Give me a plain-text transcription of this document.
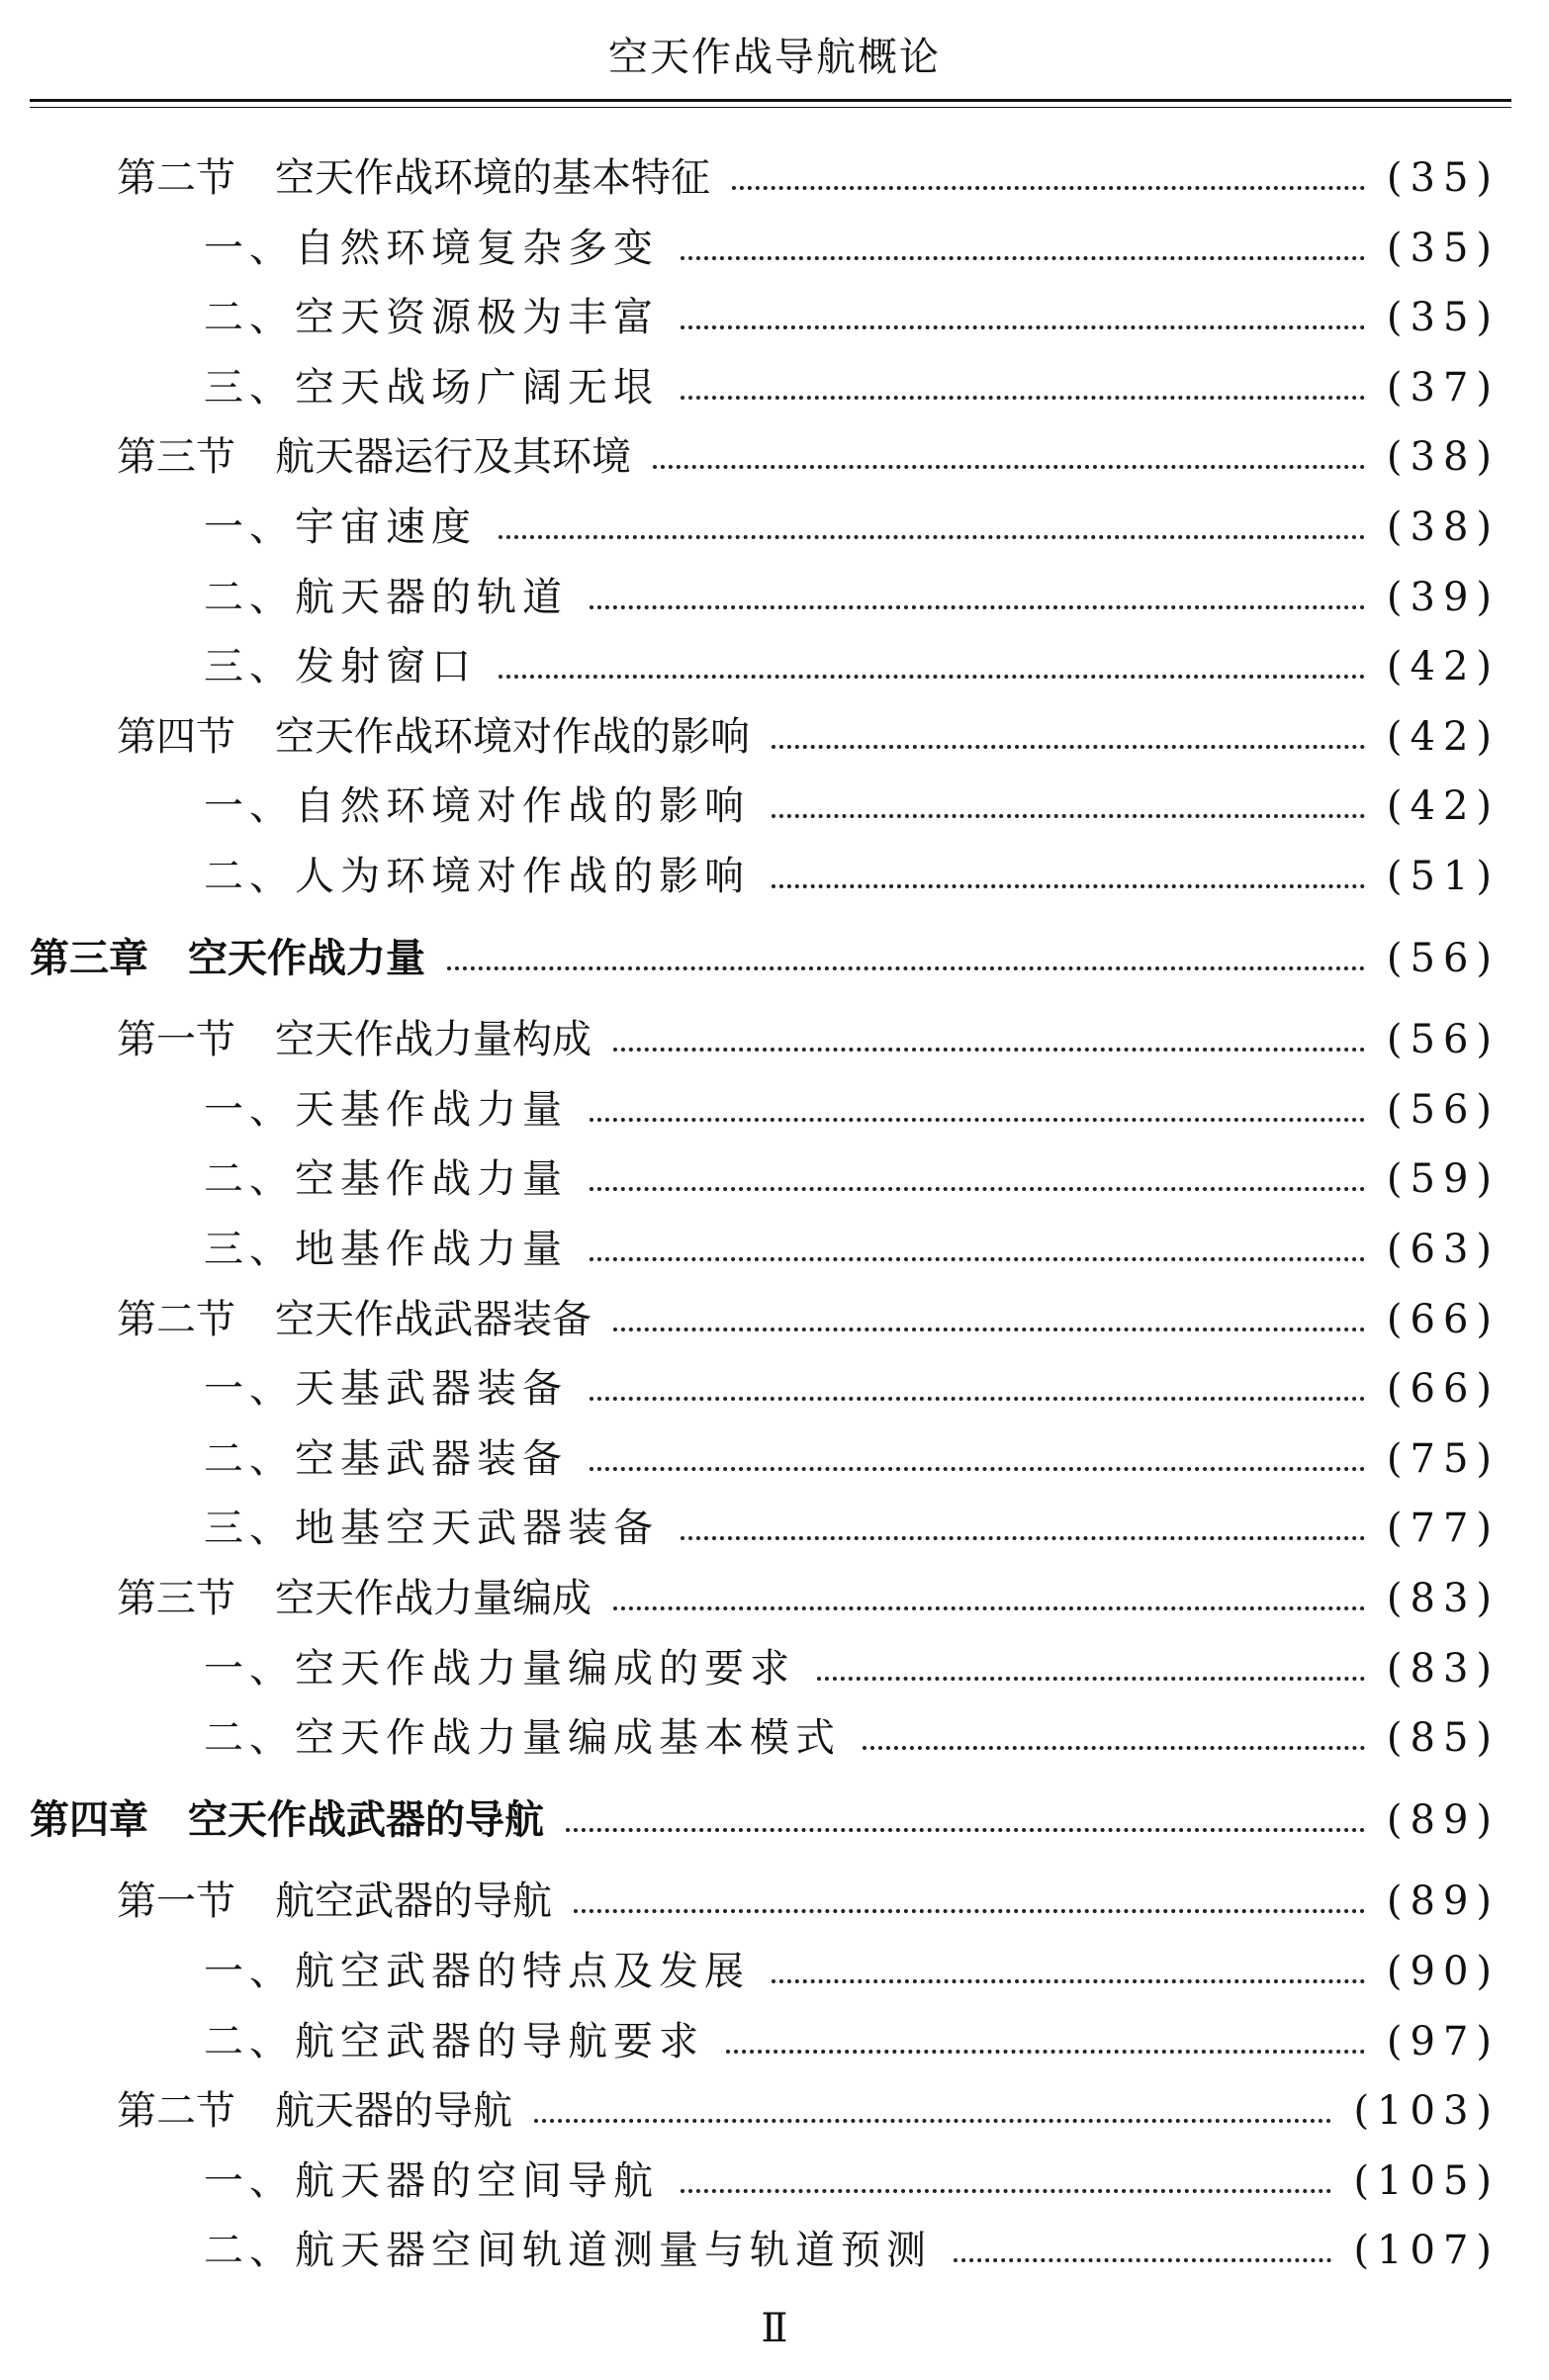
空天作战导航概论
第二节　空天作战环境的基本特征	(35)
一、自然环境复杂多变	(35)
二、空天资源极为丰富	(35)
三、空天战场广阔无垠	(37)
第三节　航天器运行及其环境	(38)
一、宇宙速度	(38)
二、航天器的轨道	(39)
三、发射窗口	(42)
第四节　空天作战环境对作战的影响	(42)
一、自然环境对作战的影响	(42)
二、人为环境对作战的影响	(51)
第三章　空天作战力量	(56)
第一节　空天作战力量构成	(56)
一、天基作战力量	(56)
二、空基作战力量	(59)
三、地基作战力量	(63)
第二节　空天作战武器装备	(66)
一、天基武器装备	(66)
二、空基武器装备	(75)
三、地基空天武器装备	(77)
第三节　空天作战力量编成	(83)
一、空天作战力量编成的要求	(83)
二、空天作战力量编成基本模式	(85)
第四章　空天作战武器的导航	(89)
第一节　航空武器的导航	(89)
一、航空武器的特点及发展	(90)
二、航空武器的导航要求	(97)
第二节　航天器的导航	(103)
一、航天器的空间导航	(105)
二、航天器空间轨道测量与轨道预测	(107)
Ⅱ
